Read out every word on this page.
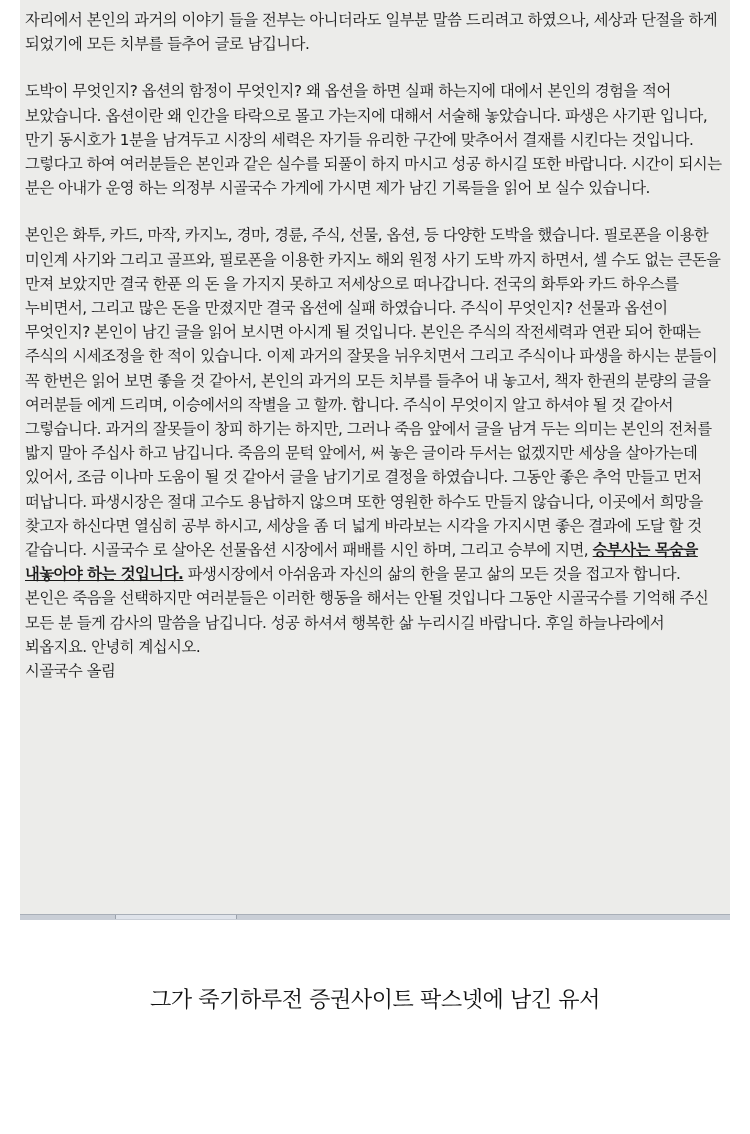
자리에서 본인의 과거의 이야기 들을 전부는 아니더라도 일부분 말씀 드리려고 하였으나, 세상과 단절을 하게 되었기에 모든 치부를 들추어 글로 남깁니다.

도박이 무엇인지? 옵션의 함정이 무엇인지? 왜 옵션을 하면 실패 하는지에 대에서 본인의 경험을 적어 보았습니다. 옵션이란 왜 인간을 타락으로 몰고 가는지에 대해서 서술해 놓았습니다. 파생은 사기판 입니다, 만기 동시호가 1분을 남겨두고 시장의 세력은 자기들 유리한 구간에 맞추어서 결재를 시킨다는 것입니다. 그렇다고 하여 여러분들은 본인과 같은 실수를 되풀이 하지 마시고 성공 하시길 또한 바랍니다. 시간이 되시는 분은 아내가 운영 하는 의정부 시골국수 가게에 가시면 제가 남긴 기록들을 읽어 보 실수 있습니다.

본인은 화투, 카드, 마작, 카지노, 경마, 경륜, 주식, 선물, 옵션, 등 다양한 도박을 했습니다. 필로폰을 이용한 미인계 사기와 그리고 골프와, 필로폰을 이용한 카지노 해외 원정 사기 도박 까지 하면서, 셀 수도 없는 큰돈을 만져 보았지만 결국 한푼 의 돈 을 가지지 못하고 저세상으로 떠나갑니다. 전국의 화투와 카드 하우스를 누비면서, 그리고 많은 돈을 만졌지만 결국 옵션에 실패 하였습니다. 주식이 무엇인지? 선물과 옵션이 무엇인지? 본인이 남긴 글을 읽어 보시면 아시게 될 것입니다. 본인은 주식의 작전세력과 연관 되어 한때는 주식의 시세조정을 한 적이 있습니다. 이제 과거의 잘못을 뉘우치면서 그리고 주식이나 파생을 하시는 분들이 꼭 한번은 읽어 보면 좋을 것 같아서, 본인의 과거의 모든 치부를 들추어 내 놓고서, 책자 한권의 분량의 글을 여러분들 에게 드리며, 이승에서의 작별을 고 할까. 합니다. 주식이 무엇이지 알고 하셔야 될 것 같아서 그렇습니다. 과거의 잘못들이 창피 하기는 하지만, 그러나 죽음 앞에서 글을 남겨 두는 의미는 본인의 전처를 밟지 말아 주십사 하고 남깁니다. 죽음의 문턱 앞에서, 써 놓은 글이라 두서는 없겠지만 세상을 살아가는데 있어서, 조금 이나마 도움이 될 것 같아서 글을 남기기로 결정을 하였습니다. 그동안 좋은 추억 만들고 먼저 떠납니다. 파생시장은 절대 고수도 용납하지 않으며 또한 영원한 하수도 만들지 않습니다, 이곳에서 희망을 찾고자 하신다면 열심히 공부 하시고, 세상을 좀 더 넓게 바라보는 시각을 가지시면 좋은 결과에 도달 할 것 같습니다. 시골국수 로 살아온 선물옵션 시장에서 패배를 시인 하며, 그리고 승부에 지면, 승부사는 목숨을 내놓아야 하는 것입니다. 파생시장에서 아쉬움과 자신의 삶의 한을 묻고 삶의 모든 것을 접고자 합니다. 본인은 죽음을 선택하지만 여러분들은 이러한 행동을 해서는 안될 것입니다 그동안 시골국수를 기억해 주신 모든 분 들게 감사의 말씀을 남깁니다. 성공 하셔셔 행복한 삶 누리시길 바랍니다. 후일 하늘나라에서 뵈옵지요. 안녕히 계십시오.
시골국수 올림

그가 죽기하루전 증권사이트 팍스넷에 남긴 유서
